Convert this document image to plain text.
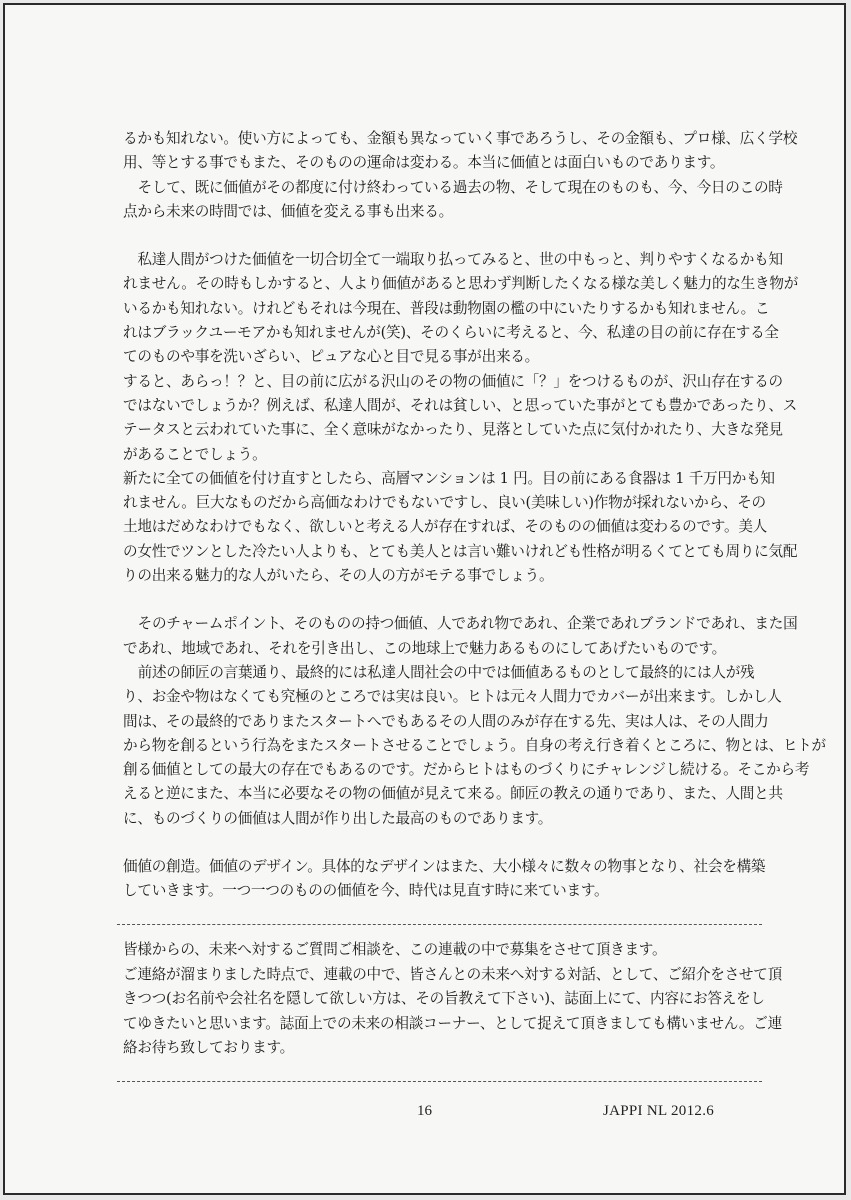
るかも知れない。使い方によっても、金額も異なっていく事であろうし、その金額も、プロ様、広く学校

用、等とする事でもまた、そのものの運命は変わる。本当に価値とは面白いものであります。

そして、既に価値がその都度に付け終わっている過去の物、そして現在のものも、今、今日のこの時

点から未来の時間では、価値を変える事も出来る。

　私達人間がつけた価値を一切合切全て一端取り払ってみると、世の中もっと、判りやすくなるかも知

れません。その時もしかすると、人より価値があると思わず判断したくなる様な美しく魅力的な生き物が

いるかも知れない。けれどもそれは今現在、普段は動物園の檻の中にいたりするかも知れません。こ

れはブラックユーモアかも知れませんが(笑)、そのくらいに考えると、今、私達の目の前に存在する全

てのものや事を洗いざらい、ピュアな心と目で見る事が出来る。

すると、あらっ！？と、目の前に広がる沢山のその物の価値に「？」をつけるものが、沢山存在するの

ではないでしょうか？例えば、私達人間が、それは貧しい、と思っていた事がとても豊かであったり、ス

テータスと云われていた事に、全く意味がなかったり、見落としていた点に気付かれたり、大きな発見

があることでしょう。

新たに全ての価値を付け直すとしたら、高層マンションは 1 円。目の前にある食器は 1 千万円かも知

れません。巨大なものだから高価なわけでもないですし、良い(美味しい)作物が採れないから、その

土地はだめなわけでもなく、欲しいと考える人が存在すれば、そのものの価値は変わるのです。美人

の女性でツンとした冷たい人よりも、とても美人とは言い難いけれども性格が明るくてとても周りに気配

りの出来る魅力的な人がいたら、その人の方がモテる事でしょう。

そのチャームポイント、そのものの持つ価値、人であれ物であれ、企業であれブランドであれ、また国

であれ、地域であれ、それを引き出し、この地球上で魅力あるものにしてあげたいものです。

前述の師匠の言葉通り、最終的には私達人間社会の中では価値あるものとして最終的には人が残

り、お金や物はなくても究極のところでは実は良い。ヒトは元々人間力でカバーが出来ます。しかし人

間は、その最終的でありまたスタートへでもあるその人間のみが存在する先、実は人は、その人間力

から物を創るという行為をまたスタートさせることでしょう。自身の考え行き着くところに、物とは、ヒトが

創る価値としての最大の存在でもあるのです。だからヒトはものづくりにチャレンジし続ける。そこから考

えると逆にまた、本当に必要なその物の価値が見えて来る。師匠の教えの通りであり、また、人間と共

に、ものづくりの価値は人間が作り出した最高のものであります。

価値の創造。価値のデザイン。具体的なデザインはまた、大小様々に数々の物事となり、社会を構築

していきます。一つ一つのものの価値を今、時代は見直す時に来ています。

皆様からの、未来へ対するご質問ご相談を、この連載の中で募集をさせて頂きます。

ご連絡が溜まりました時点で、連載の中で、皆さんとの未来へ対する対話、として、ご紹介をさせて頂

きつつ(お名前や会社名を隠して欲しい方は、その旨教えて下さい)、誌面上にて、内容にお答えをし

てゆきたいと思います。誌面上での未来の相談コーナー、として捉えて頂きましても構いません。ご連

絡お待ち致しております。

16	JAPPI NL 2012.6
